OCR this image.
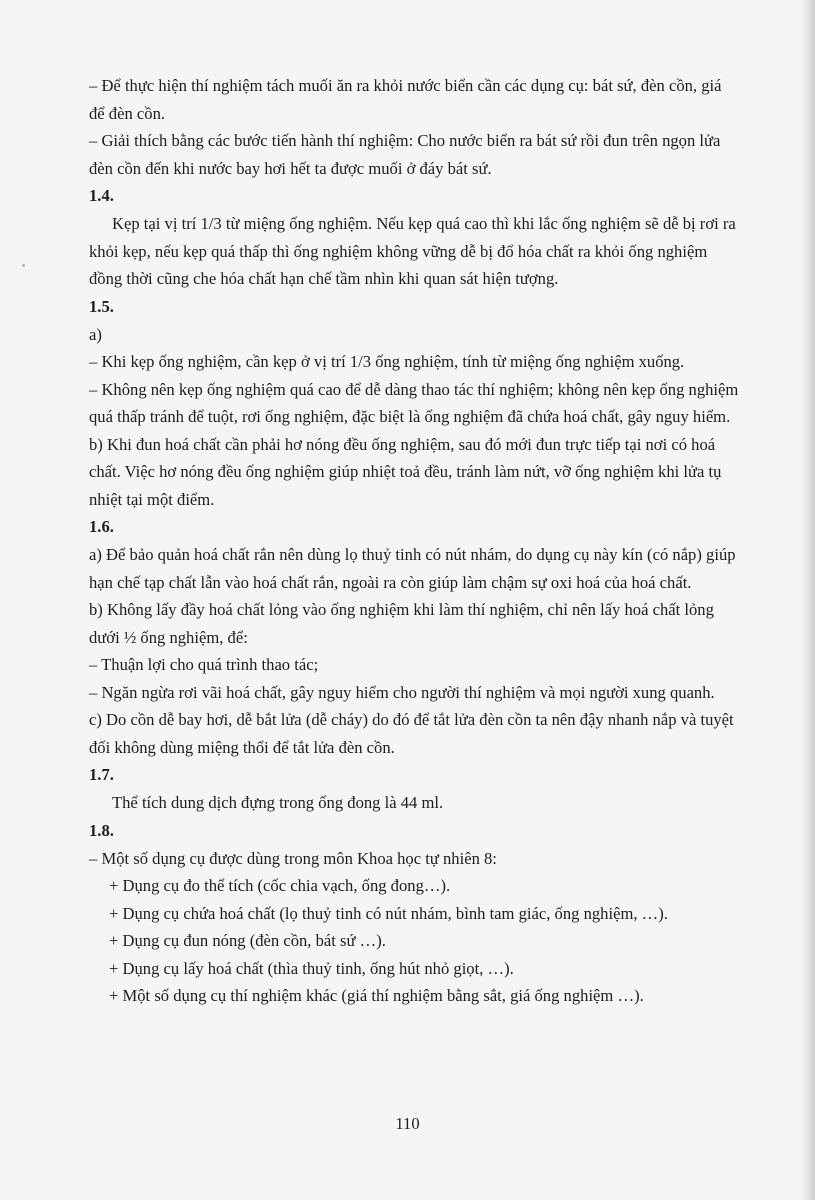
– Để thực hiện thí nghiệm tách muối ăn ra khỏi nước biển cần các dụng cụ: bát sứ, đèn cồn, giá

để đèn cồn.

– Giải thích bằng các bước tiến hành thí nghiệm: Cho nước biển ra bát sứ rồi đun trên ngọn lửa

đèn cồn đến khi nước bay hơi hết ta được muối ở đáy bát sứ.

1.4.

Kẹp tại vị trí 1/3 từ miệng ống nghiệm. Nếu kẹp quá cao thì khi lắc ống nghiệm sẽ dễ bị rơi ra

khỏi kẹp, nếu kẹp quá thấp thì ống nghiệm không vững dễ bị đổ hóa chất ra khỏi ống nghiệm

đồng thời cũng che hóa chất hạn chế tầm nhìn khi quan sát hiện tượng.

1.5.

a)

– Khi kẹp ống nghiệm, cần kẹp ở vị trí 1/3 ống nghiệm, tính từ miệng ống nghiệm xuống.

– Không nên kẹp ống nghiệm quá cao để dễ dàng thao tác thí nghiệm; không nên kẹp ống nghiệm

quá thấp tránh để tuột, rơi ống nghiệm, đặc biệt là ống nghiệm đã chứa hoá chất, gây nguy hiểm.

b) Khi đun hoá chất cần phải hơ nóng đều ống nghiệm, sau đó mới đun trực tiếp tại nơi có hoá

chất. Việc hơ nóng đều ống nghiệm giúp nhiệt toả đều, tránh làm nứt, vỡ ống nghiệm khi lửa tụ

nhiệt tại một điểm.

1.6.

a) Để bảo quản hoá chất rắn nên dùng lọ thuỷ tinh có nút nhám, do dụng cụ này kín (có nắp) giúp

hạn chế tạp chất lẫn vào hoá chất rắn, ngoài ra còn giúp làm chậm sự oxi hoá của hoá chất.

b) Không lấy đầy hoá chất lỏng vào ống nghiệm khi làm thí nghiệm, chỉ nên lấy hoá chất lỏng

dưới ½ ống nghiệm, để:

– Thuận lợi cho quá trình thao tác;

– Ngăn ngừa rơi vãi hoá chất, gây nguy hiểm cho người thí nghiệm và mọi người xung quanh.

c) Do cồn dễ bay hơi, dễ bắt lửa (dễ cháy) do đó để tắt lửa đèn cồn ta nên đậy nhanh nắp và tuyệt

đối không dùng miệng thổi để tắt lửa đèn cồn.

1.7.

Thể tích dung dịch đựng trong ống đong là 44 ml.

1.8.

– Một số dụng cụ được dùng trong môn Khoa học tự nhiên 8:

+ Dụng cụ đo thể tích (cốc chia vạch, ống đong…).

+ Dụng cụ chứa hoá chất (lọ thuỷ tinh có nút nhám, bình tam giác, ống nghiệm, …).

+ Dụng cụ đun nóng (đèn cồn, bát sứ …).

+ Dụng cụ lấy hoá chất (thìa thuỷ tinh, ống hút nhỏ giọt, …).

+ Một số dụng cụ thí nghiệm khác (giá thí nghiệm bằng sắt, giá ống nghiệm …).

110
